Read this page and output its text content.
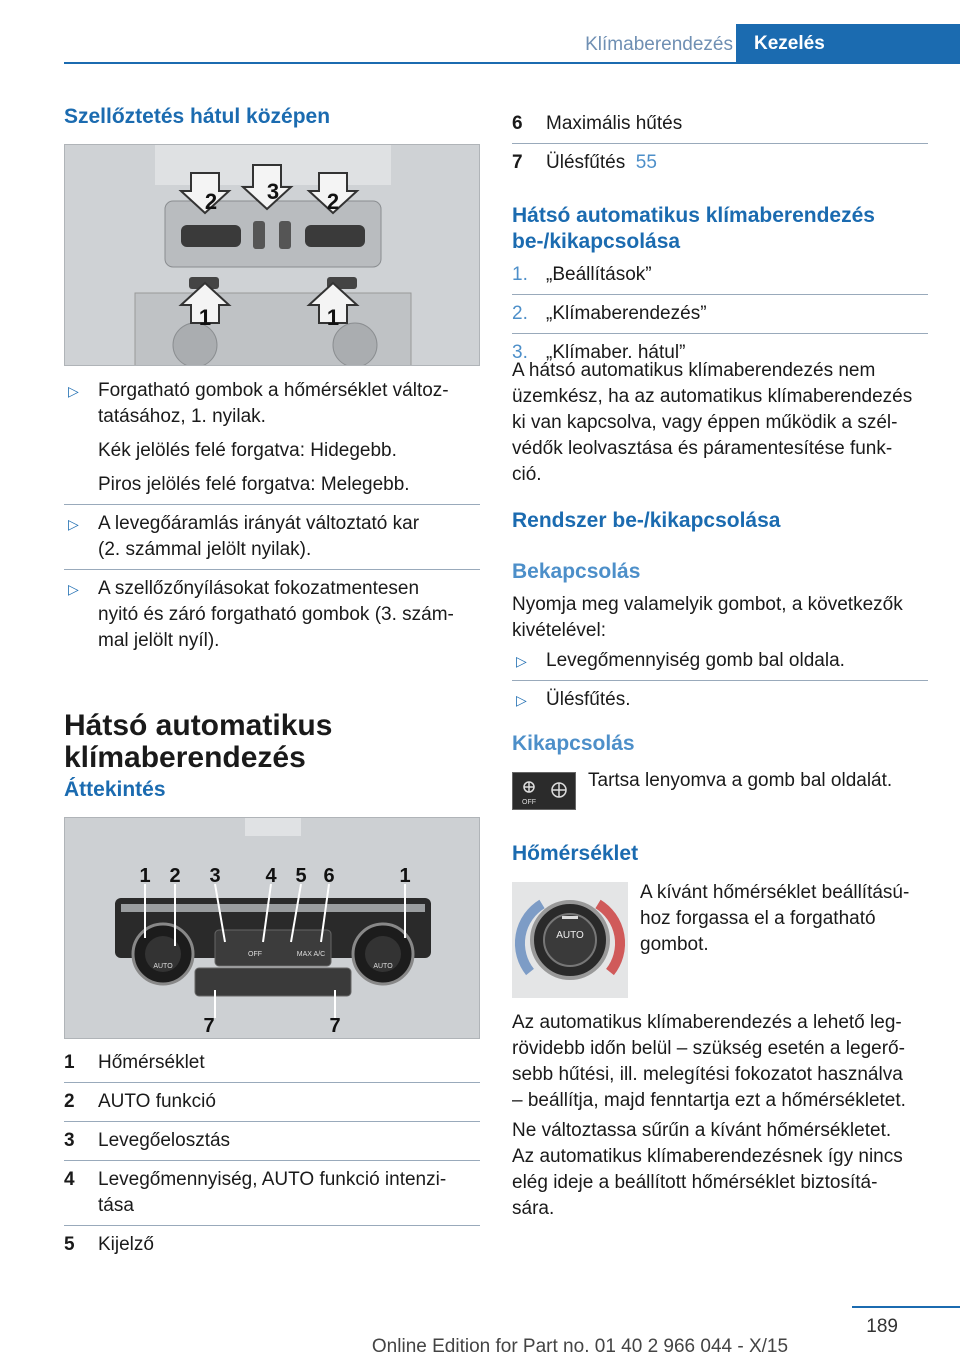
Klímaberendezés	Kezelés
Szellőztetés hátul középen
2 3 2
1	1
▷ Forgatható gombok a hőmérséklet változ‐
tatásához, 1. nyilak.
Kék jelölés felé forgatva: Hidegebb.
Piros jelölés felé forgatva: Melegebb.
▷ A levegőáramlás irányát változtató kar
(2. számmal jelölt nyilak).
▷ A szellőzőnyílásokat fokozatmentesen
nyitó és záró forgatható gombok (3. szám‐
mal jelölt nyíl).
Hátsó automatikus
klímaberendezés
Áttekintés
1 2 3 4 5 6	1
7	7
AUTO
OFF	MAX A/C
AUTO
1 Hőmérséklet
2 AUTO funkció
3 Levegőelosztás
4 Levegőmennyiség, AUTO funkció intenzi‐
tása
5 Kijelző
6 Maximális hűtés
7 Ülésfűtés 55
Hátsó automatikus klímaberendezés
be-/kikapcsolása
1. „Beállítások”
2. „Klímaberendezés”
3. „Klímaber. hátul”
A hátsó automatikus klímaberendezés nem
üzemkész, ha az automatikus klímaberendezés
ki van kapcsolva, vagy éppen működik a szél‐
védők leolvasztása és páramentesítése funk‐
ció.
Rendszer be-/kikapcsolása
Bekapcsolás
Nyomja meg valamelyik gombot, a következők
kivételével:
▷ Levegőmennyiség gomb bal oldala.
▷ Ülésfűtés.
Kikapcsolás
OFF
Tartsa lenyomva a gomb bal oldalát.
Hőmérséklet
AUTO
A kívánt hőmérséklet beállítású‐
hoz forgassa el a forgatható
gombot.
Az automatikus klímaberendezés a lehető leg‐
rövidebb időn belül – szükség esetén a legerő‐
sebb hűtési, ill. melegítési fokozatot használva
– beállítja, majd fenntartja ezt a hőmérsékletet.
Ne változtassa sűrűn a kívánt hőmérsékletet.
Az automatikus klímaberendezésnek így nincs
elég ideje a beállított hőmérséklet biztosítá‐
sára.
189
Online Edition for Part no. 01 40 2 966 044 - X/15
